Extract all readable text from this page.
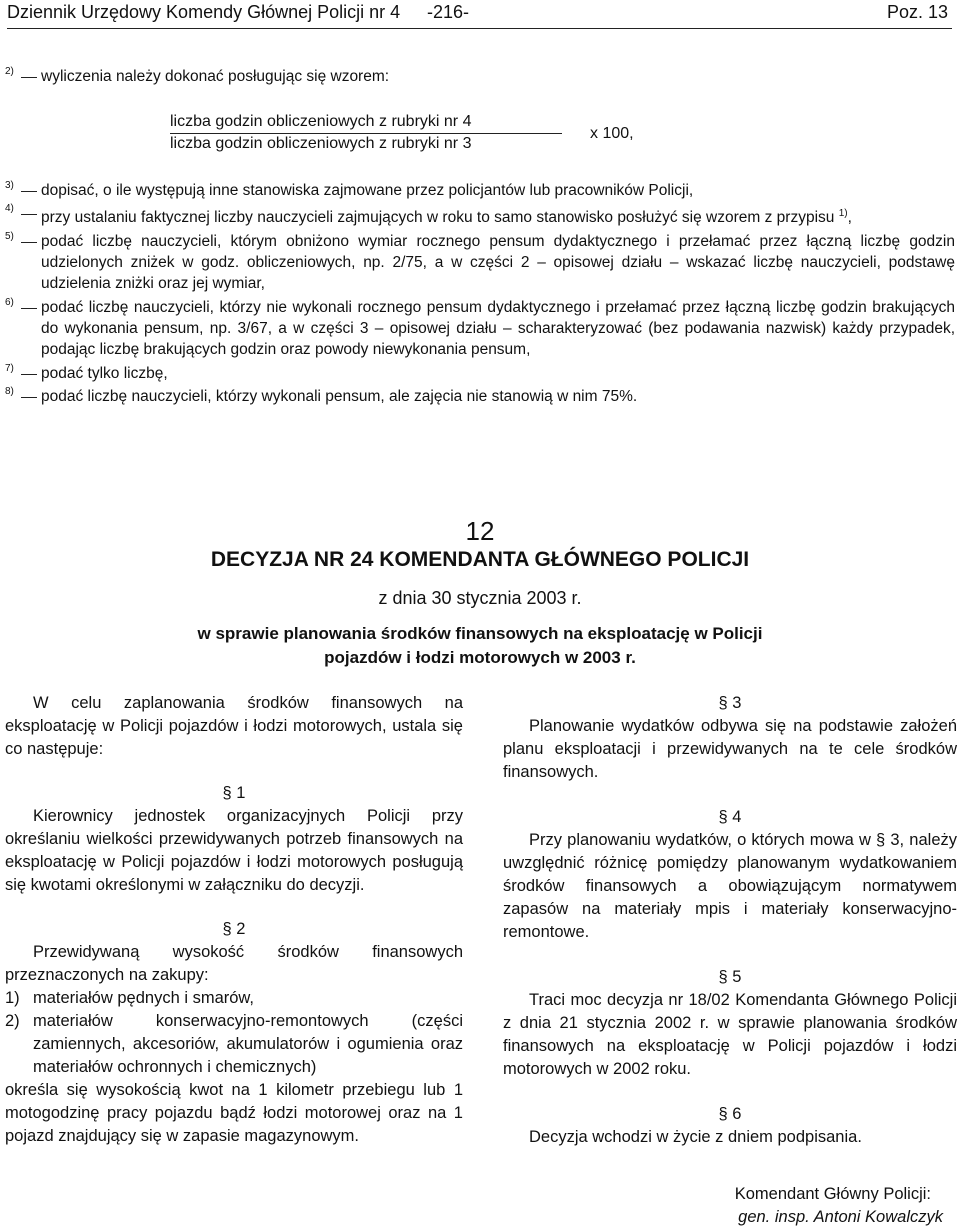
Dziennik Urzędowy Komendy Głównej Policji nr 4 -216-	Poz. 13
2) wyliczenia należy dokonać posługując się wzorem:
liczba godzin obliczeniowych z rubryki nr 4
liczba godzin obliczeniowych z rubryki nr 3
x 100,
3) dopisać, o ile występują inne stanowiska zajmowane przez policjantów lub pracowników Policji,
4)
przy ustalaniu faktycznej liczby nauczycieli zajmujących w roku to samo stanowisko posłużyć się wzorem z przypisu $^{1)}$,
5) podać liczbę nauczycieli, którym obniżono wymiar rocznego pensum dydaktycznego i przełamać przez łączną liczbę godzin udzielonych zniżek w godz. obliczeniowych, np. 2/75, a w części 2 – opisowej działu – wskazać liczbę nauczycieli, podstawę udzielenia zniżki oraz jej wymiar,
6) podać liczbę nauczycieli, którzy nie wykonali rocznego pensum dydaktycznego i przełamać przez łączną liczbę godzin brakujących do wykonania pensum, np. 3/67, a w części 3 – opisowej działu – scharakteryzować (bez podawania nazwisk) każdy przypadek, podając liczbę brakujących godzin oraz powody niewykonania pensum,
7) podać tylko liczbę,
8) podać liczbę nauczycieli, którzy wykonali pensum, ale zajęcia nie stanowią w nim 75%.
12
DECYZJA NR 24 KOMENDANTA GŁÓWNEGO POLICJI
z dnia 30 stycznia 2003 r.
w sprawie planowania środków finansowych na eksploatację w Policji
pojazdów i łodzi motorowych w 2003 r.

W celu zaplanowania środków finansowych na eksploatację w Policji pojazdów i łodzi motorowych, ustala się co następuje:

§ 1

Kierownicy jednostek organizacyjnych Policji przy określaniu wielkości przewidywanych potrzeb finansowych na eksploatację w Policji pojazdów i łodzi motorowych posługują się kwotami określonymi w załączniku do decyzji.

§ 2

Przewidywaną wysokość środków finansowych przeznaczonych na zakupy:

1) materiałów pędnych i smarów,
2) materiałów konserwacyjno-remontowych (części zamiennych, akcesoriów, akumulatorów i ogumienia oraz materiałów ochronnych i chemicznych)

określa się wysokością kwot na 1 kilometr przebiegu lub 1 motogodzinę pracy pojazdu bądź łodzi motorowej oraz na 1 pojazd znajdujący się w zapasie magazynowym.

§ 3

Planowanie wydatków odbywa się na podstawie założeń planu eksploatacji i przewidywanych na te cele środków finansowych.

§ 4

Przy planowaniu wydatków, o których mowa w § 3, należy uwzględnić różnicę pomiędzy planowanym wydatkowaniem środków finansowych a obowiązującym normatywem zapasów na materiały mpis i materiały konserwacyjno-remontowe.

§ 5

Traci moc decyzja nr 18/02 Komendanta Głównego Policji z dnia 21 stycznia 2002 r. w sprawie planowania środków finansowych na eksploatację w Policji pojazdów i łodzi motorowych w 2002 roku.

§ 6

Decyzja wchodzi w życie z dniem podpisania.

Komendant Główny Policji:

gen. insp. Antoni Kowalczyk
